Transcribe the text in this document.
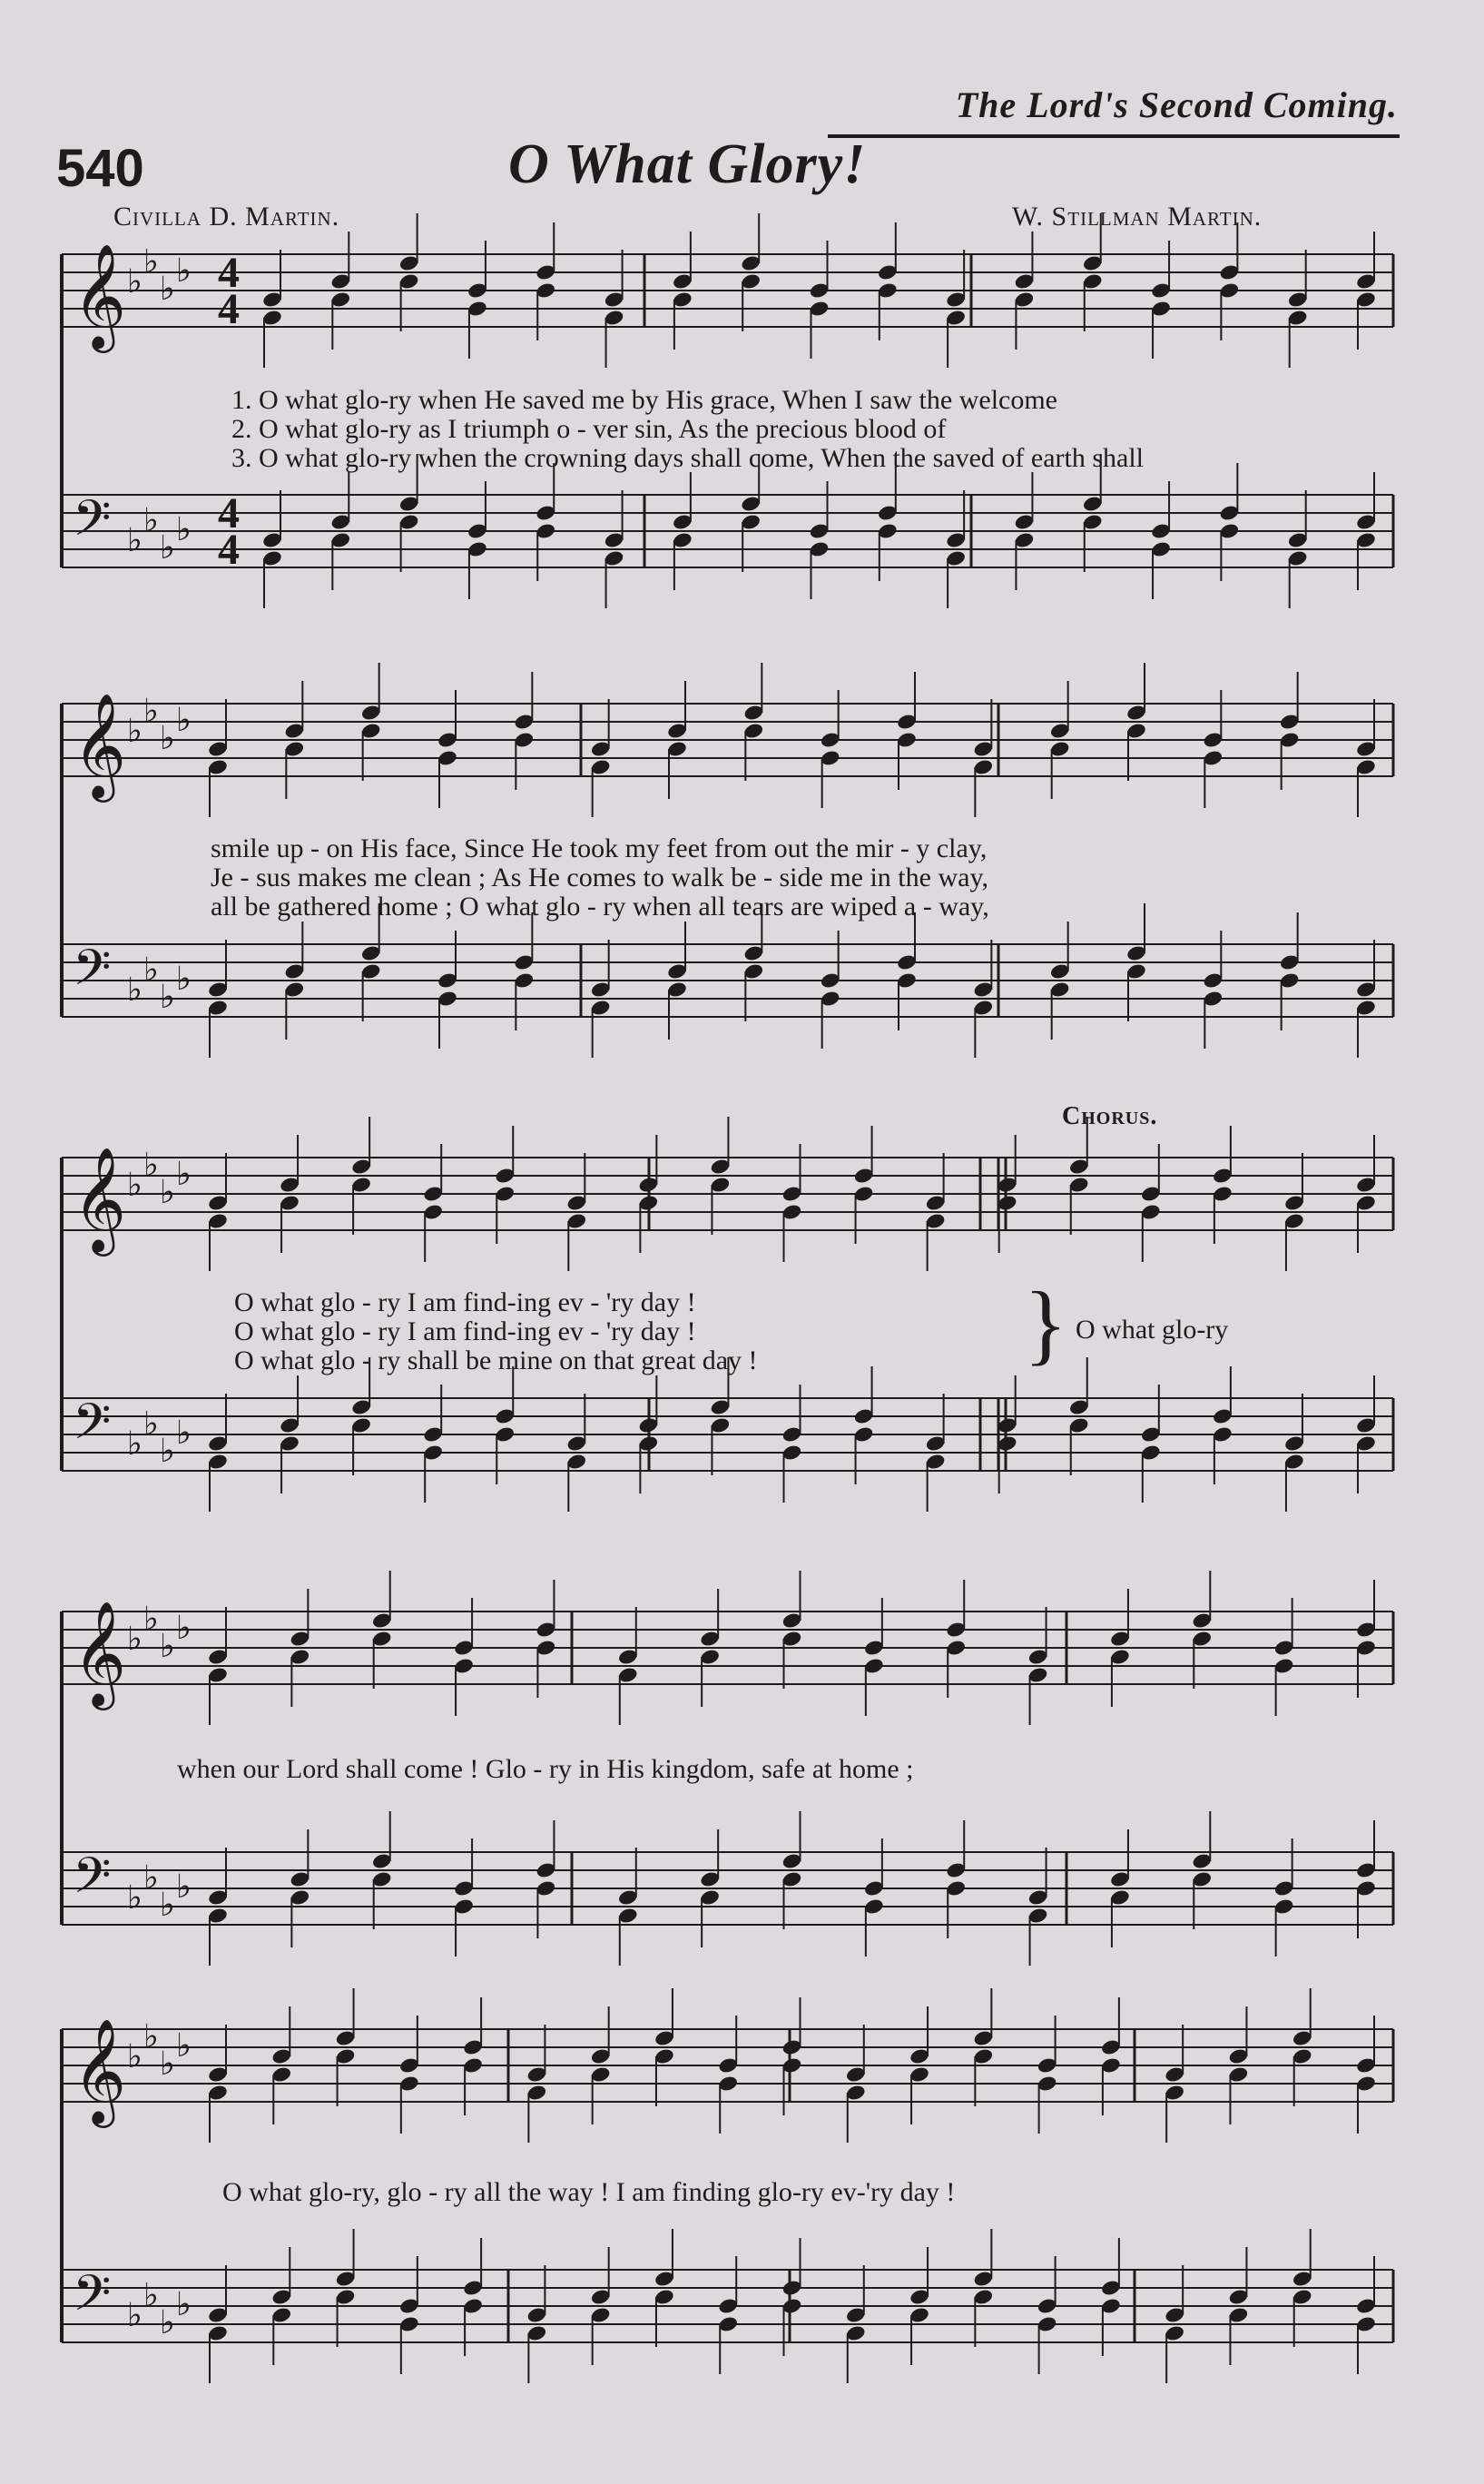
The Lord's Second Coming.
540	O What Glory!
Civilla D. Martin.	W. Stillman Martin.
𝄞 ♭
♭
♭ ♭ 4
4
𝄢 ♭
♭
♭ ♭ 4
4
1. O what glo-ry when He saved me by His grace, When I saw the welcome
2. O what glo-ry as I triumph o - ver sin, As the precious blood of
3. O what glo-ry when the crowning days shall come, When the saved of earth shall
𝄞 ♭
♭
♭ ♭
𝄢 ♭
♭
♭ ♭
smile up - on His face, Since He took my feet from out the mir - y clay,
Je - sus makes me clean ; As He comes to walk be - side me in the way,
all be gathered home ; O what glo - ry when all tears are wiped a - way,
Chorus.
𝄞 ♭
♭
♭ ♭
𝄢 ♭
♭
♭ ♭
O what glo - ry I am find-ing ev - 'ry day !
O what glo - ry I am find-ing ev - 'ry day !
O what glo - ry shall be mine on that great day !	} O what glo-ry
𝄞 ♭
♭
♭ ♭
𝄢 ♭
♭
♭ ♭
when our Lord shall come ! Glo - ry in His kingdom, safe at home ;
𝄞 ♭
♭
♭ ♭
𝄢 ♭
♭
♭ ♭
O what glo-ry, glo - ry all the way ! I am finding glo-ry ev-'ry day !
